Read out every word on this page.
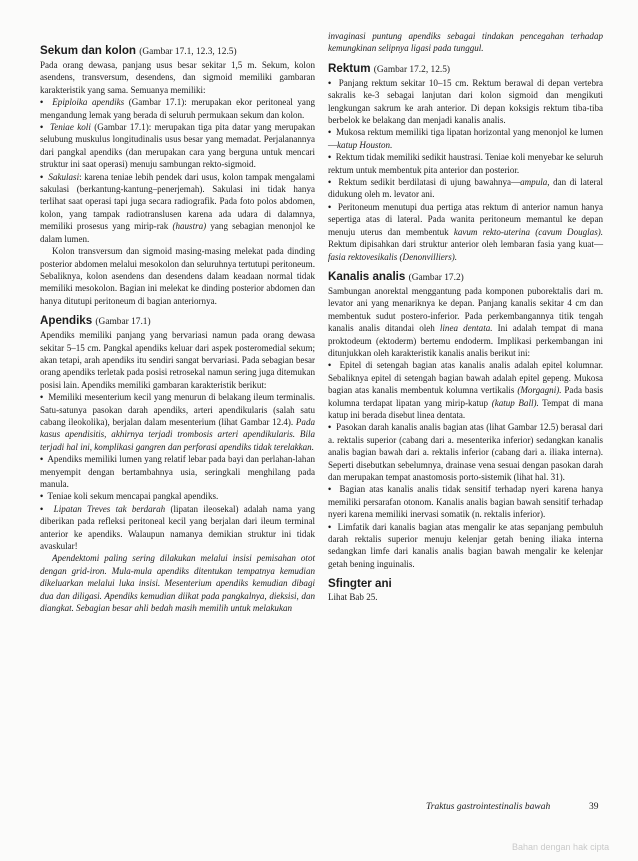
Sekum dan kolon (Gambar 17.1, 12.3, 12.5)

Pada orang dewasa, panjang usus besar sekitar 1,5 m. Sekum, kolon asendens, transversum, desendens, dan sigmoid memiliki gambaran karakteristik yang sama. Semuanya memiliki:

• Epiploika apendiks (Gambar 17.1): merupakan ekor peritoneal yang mengandung lemak yang berada di seluruh permukaan sekum dan kolon.

• Teniae koli (Gambar 17.1): merupakan tiga pita datar yang merupakan selubung muskulus longitudinalis usus besar yang memadat. Perjalanannya dari pangkal apendiks (dan merupakan cara yang berguna untuk mencari struktur ini saat operasi) menuju sambungan rekto-sigmoid.

• Sakulasi: karena teniae lebih pendek dari usus, kolon tampak mengalami sakulasi (berkantung-kantung–penerjemah). Sakulasi ini tidak hanya terlihat saat operasi tapi juga secara radiografik. Pada foto polos abdomen, kolon, yang tampak radiotranslusen karena ada udara di dalamnya, memiliki prosesus yang mirip-rak (haustra) yang sebagian menonjol ke dalam lumen.

Kolon transversum dan sigmoid masing-masing melekat pada dinding posterior abdomen melalui mesokolon dan seluruhnya tertutupi peritoneum. Sebaliknya, kolon asendens dan desendens dalam keadaan normal tidak memiliki mesokolon. Bagian ini melekat ke dinding posterior abdomen dan hanya ditutupi peritoneum di bagian anteriornya.

Apendiks (Gambar 17.1)

Apendiks memiliki panjang yang bervariasi namun pada orang dewasa sekitar 5–15 cm. Pangkal apendiks keluar dari aspek posteromedial sekum; akan tetapi, arah apendiks itu sendiri sangat bervariasi. Pada sebagian besar orang apendiks terletak pada posisi retrosekal namun sering juga ditemukan posisi lain. Apendiks memiliki gambaran karakteristik berikut:

• Memiliki mesenterium kecil yang menurun di belakang ileum terminalis. Satu-satunya pasokan darah apendiks, arteri apendikularis (salah satu cabang ileokolika), berjalan dalam mesenterium (lihat Gambar 12.4). Pada kasus apendisitis, akhirnya terjadi trombosis arteri apendikularis. Bila terjadi hal ini, komplikasi gangren dan perforasi apendiks tidak terelakkan.

• Apendiks memiliki lumen yang relatif lebar pada bayi dan perlahan-lahan menyempit dengan bertambahnya usia, seringkali menghilang pada manula.

• Teniae koli sekum mencapai pangkal apendiks.

• Lipatan Treves tak berdarah (lipatan ileosekal) adalah nama yang diberikan pada refleksi peritoneal kecil yang berjalan dari ileum terminal anterior ke apendiks. Walaupun namanya demikian struktur ini tidak avaskular!

Apendektomi paling sering dilakukan melalui insisi pemisahan otot dengan grid-iron. Mula-mula apendiks ditentukan tempatnya kemudian dikeluarkan melalui luka insisi. Mesenterium apendiks kemudian dibagi dua dan diligasi. Apendiks kemudian diikat pada pangkalnya, dieksisi, dan diangkat. Sebagian besar ahli bedah masih memilih untuk melakukan

invaginasi puntung apendiks sebagai tindakan pencegahan terhadap kemungkinan selipnya ligasi pada tunggul.

Rektum (Gambar 17.2, 12.5)

• Panjang rektum sekitar 10–15 cm. Rektum berawal di depan vertebra sakralis ke-3 sebagai lanjutan dari kolon sigmoid dan mengikuti lengkungan sakrum ke arah anterior. Di depan koksigis rektum tiba-tiba berbelok ke belakang dan menjadi kanalis analis.

• Mukosa rektum memiliki tiga lipatan horizontal yang menonjol ke lumen—katup Houston.

• Rektum tidak memiliki sedikit haustrasi. Teniae koli menyebar ke seluruh rektum untuk membentuk pita anterior dan posterior.

• Rektum sedikit berdilatasi di ujung bawahnya—ampula, dan di lateral didukung oleh m. levator ani.

• Peritoneum menutupi dua pertiga atas rektum di anterior namun hanya sepertiga atas di lateral. Pada wanita peritoneum memantul ke depan menuju uterus dan membentuk kavum rekto-uterina (cavum Douglas). Rektum dipisahkan dari struktur anterior oleh lembaran fasia yang kuat—fasia rektovesikalis (Denonvilliers).

Kanalis analis (Gambar 17.2)

Sambungan anorektal menggantung pada komponen puborektalis dari m. levator ani yang menariknya ke depan. Panjang kanalis sekitar 4 cm dan membentuk sudut postero-inferior. Pada perkembangannya titik tengah kanalis analis ditandai oleh linea dentata. Ini adalah tempat di mana proktodeum (ektoderm) bertemu endoderm. Implikasi perkembangan ini ditunjukkan oleh karakteristik kanalis analis berikut ini:

• Epitel di setengah bagian atas kanalis analis adalah epitel kolumnar. Sebaliknya epitel di setengah bagian bawah adalah epitel gepeng. Mukosa bagian atas kanalis membentuk kolumna vertikalis (Morgagni). Pada basis kolumna terdapat lipatan yang mirip-katup (katup Ball). Tempat di mana katup ini berada disebut linea dentata.

• Pasokan darah kanalis analis bagian atas (lihat Gambar 12.5) berasal dari a. rektalis superior (cabang dari a. mesenterika inferior) sedangkan kanalis analis bagian bawah dari a. rektalis inferior (cabang dari a. iliaka interna). Seperti disebutkan sebelumnya, drainase vena sesuai dengan pasokan darah dan merupakan tempat anastomosis porto-sistemik (lihat hal. 31).

• Bagian atas kanalis analis tidak sensitif terhadap nyeri karena hanya memiliki persarafan otonom. Kanalis analis bagian bawah sensitif terhadap nyeri karena memiliki inervasi somatik (n. rektalis inferior).

• Limfatik dari kanalis bagian atas mengalir ke atas sepanjang pembuluh darah rektalis superior menuju kelenjar getah bening iliaka interna sedangkan limfe dari kanalis analis bagian bawah mengalir ke kelenjar getah bening inguinalis.

Sfingter ani

Lihat Bab 25.

Traktus gastrointestinalis bawah	39
Bahan dengan hak cipta
